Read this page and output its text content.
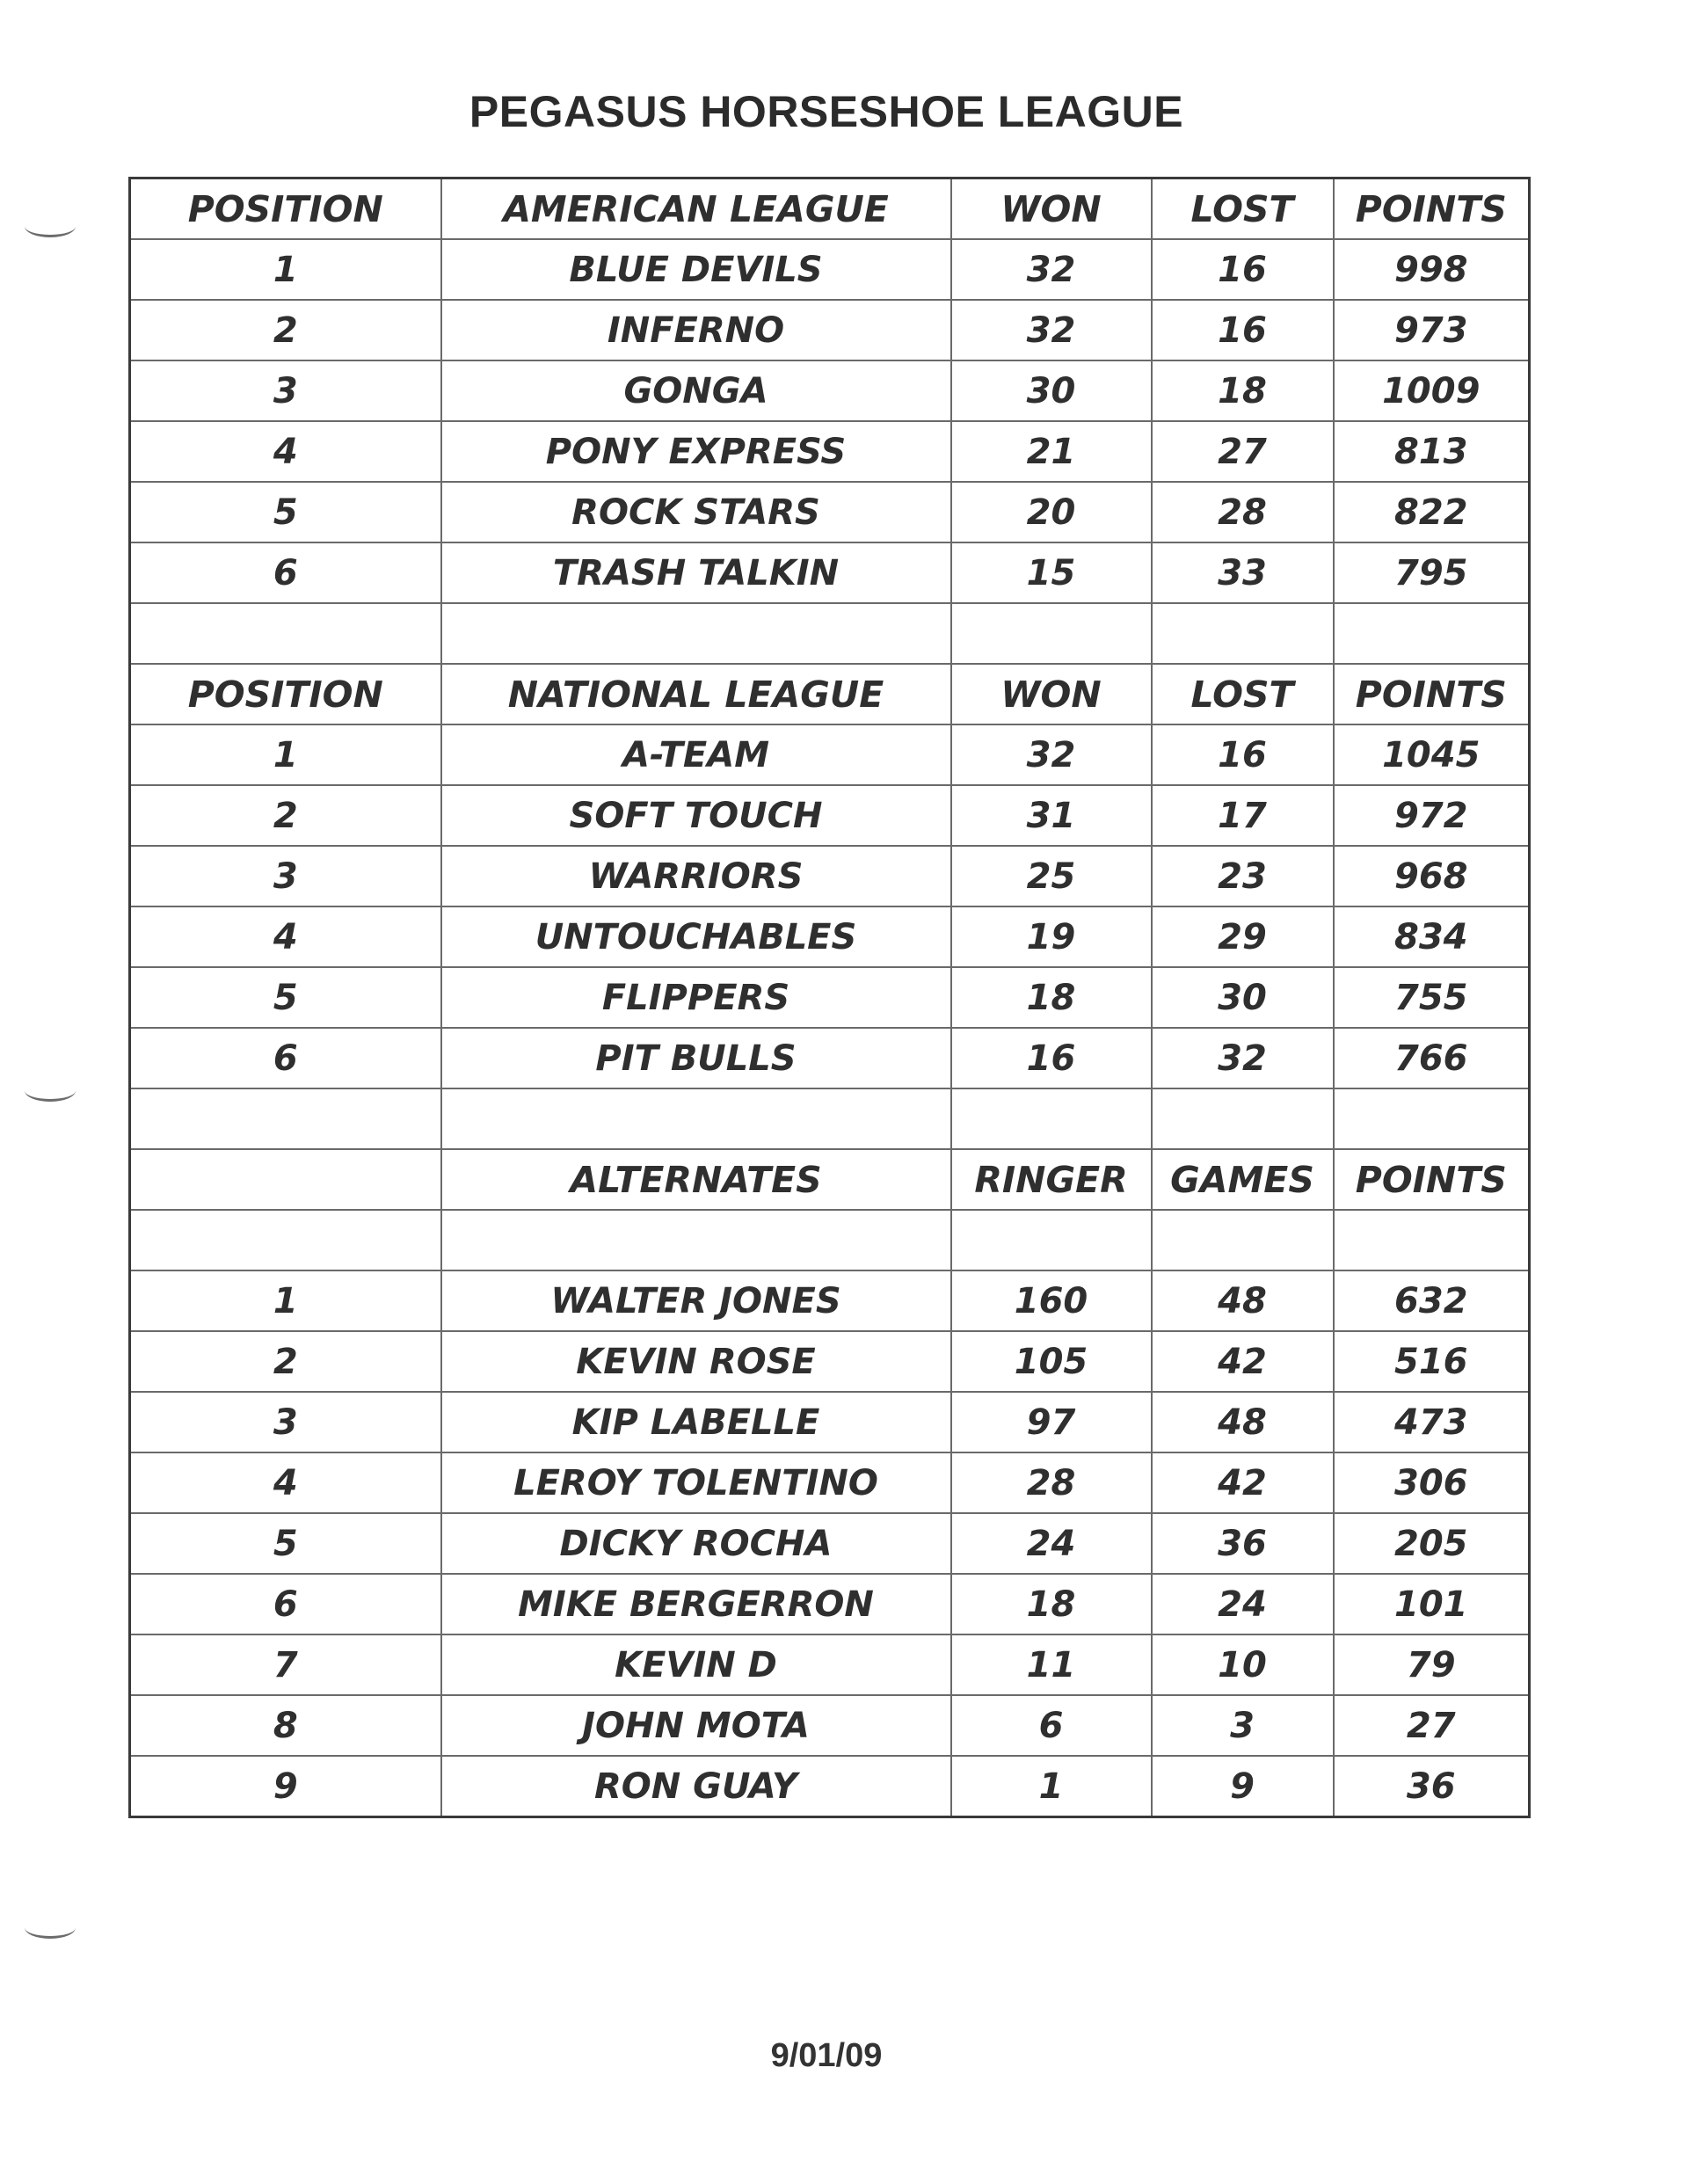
PEGASUS HORSESHOE LEAGUE
POSITION	AMERICAN LEAGUE	WON	LOST	POINTS
1	BLUE DEVILS	32	16	998
2	INFERNO	32	16	973
3	GONGA	30	18	1009
4	PONY EXPRESS	21	27	813
5	ROCK STARS	20	28	822
6	TRASH TALKIN	15	33	795

POSITION	NATIONAL LEAGUE	WON	LOST	POINTS
1	A-TEAM	32	16	1045
2	SOFT TOUCH	31	17	972
3	WARRIORS	25	23	968
4	UNTOUCHABLES	19	29	834
5	FLIPPERS	18	30	755
6	PIT BULLS	16	32	766

	ALTERNATES	RINGER	GAMES	POINTS

1	WALTER JONES	160	48	632
2	KEVIN ROSE	105	42	516
3	KIP LABELLE	97	48	473
4	LEROY TOLENTINO	28	42	306
5	DICKY ROCHA	24	36	205
6	MIKE BERGERRON	18	24	101
7	KEVIN D	11	10	79
8	JOHN MOTA	6	3	27
9	RON GUAY	1	9	36
9/01/09
